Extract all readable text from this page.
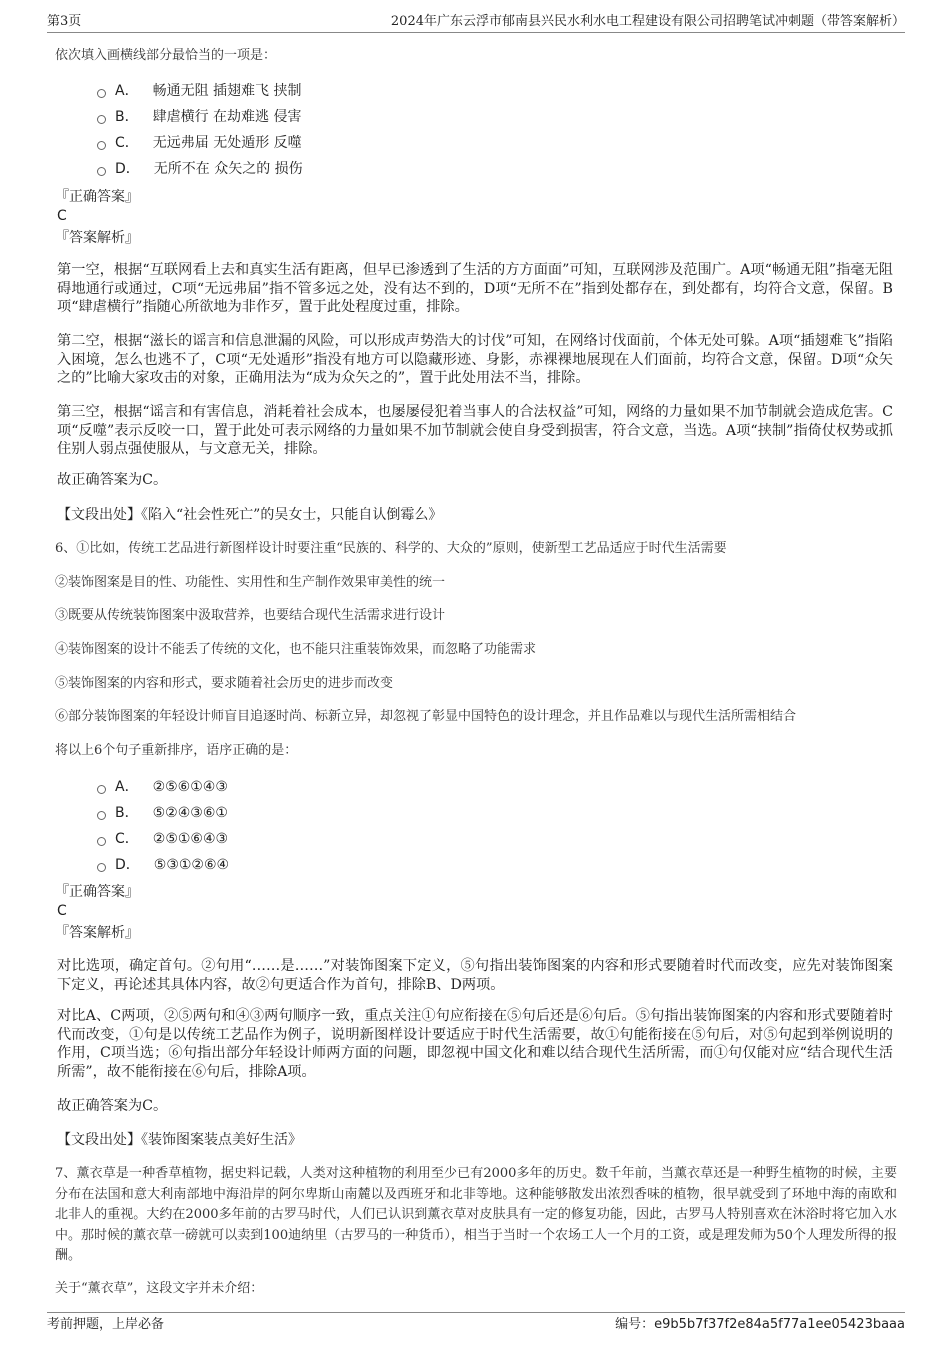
第3页	2024年广东云浮市郁南县兴民水利水电工程建设有限公司招聘笔试冲刺题（带答案解析）
依次填入画横线部分最恰当的一项是：
A． 畅通无阻 插翅难飞 挟制
B． 肆虐横行 在劫难逃 侵害
C． 无远弗届 无处遁形 反噬
D． 无所不在 众矢之的 损伤
『正确答案』
C
『答案解析』
第一空，根据“互联网看上去和真实生活有距离，但早已渗透到了生活的方方面面”可知，互联网涉及范围广。A项“畅通无阻”指毫无阻碍地通行或通过，C项“无远弗届”指不管多远之处，没有达不到的，D项“无所不在”指到处都存在，到处都有，均符合文意，保留。B项“肆虐横行”指随心所欲地为非作歹，置于此处程度过重，排除。
第二空，根据“滋长的谣言和信息泄漏的风险，可以形成声势浩大的讨伐”可知，在网络讨伐面前，个体无处可躲。A项“插翅难飞”指陷入困境，怎么也逃不了，C项“无处遁形”指没有地方可以隐藏形迹、身影，赤裸裸地展现在人们面前，均符合文意，保留。D项“众矢之的”比喻大家攻击的对象，正确用法为“成为众矢之的”，置于此处用法不当，排除。
第三空，根据“谣言和有害信息，消耗着社会成本，也屡屡侵犯着当事人的合法权益”可知，网络的力量如果不加节制就会造成危害。C项“反噬”表示反咬一口，置于此处可表示网络的力量如果不加节制就会使自身受到损害，符合文意，当选。A项“挟制”指倚仗权势或抓住别人弱点强使服从，与文意无关，排除。
故正确答案为C。
【文段出处】《陷入“社会性死亡”的吴女士，只能自认倒霉么》
6、①比如，传统工艺品进行新图样设计时要注重“民族的、科学的、大众的”原则，使新型工艺品适应于时代生活需要
②装饰图案是目的性、功能性、实用性和生产制作效果审美性的统一
③既要从传统装饰图案中汲取营养，也要结合现代生活需求进行设计
④装饰图案的设计不能丢了传统的文化，也不能只注重装饰效果，而忽略了功能需求
⑤装饰图案的内容和形式，要求随着社会历史的进步而改变
⑥部分装饰图案的年轻设计师盲目追逐时尚、标新立异，却忽视了彰显中国特色的设计理念，并且作品难以与现代生活所需相结合
将以上6个句子重新排序，语序正确的是：
A． ②⑤⑥①④③
B． ⑤②④③⑥①
C． ②⑤①⑥④③
D． ⑤③①②⑥④
『正确答案』
C
『答案解析』
对比选项，确定首句。②句用“……是……”对装饰图案下定义，⑤句指出装饰图案的内容和形式要随着时代而改变，应先对装饰图案下定义，再论述其具体内容，故②句更适合作为首句，排除B、D两项。
对比A、C两项，②⑤两句和④③两句顺序一致，重点关注①句应衔接在⑤句后还是⑥句后。⑤句指出装饰图案的内容和形式要随着时代而改变，①句是以传统工艺品作为例子，说明新图样设计要适应于时代生活需要，故①句能衔接在⑤句后，对⑤句起到举例说明的作用，C项当选；⑥句指出部分年轻设计师两方面的问题，即忽视中国文化和难以结合现代生活所需，而①句仅能对应“结合现代生活所需”，故不能衔接在⑥句后，排除A项。
故正确答案为C。
【文段出处】《装饰图案装点美好生活》
7、薰衣草是一种香草植物，据史料记载，人类对这种植物的利用至少已有2000多年的历史。数千年前，当薰衣草还是一种野生植物的时候，主要分布在法国和意大利南部地中海沿岸的阿尔卑斯山南麓以及西班牙和北非等地。这种能够散发出浓烈香味的植物，很早就受到了环地中海的南欧和北非人的重视。大约在2000多年前的古罗马时代，人们已认识到薰衣草对皮肤具有一定的修复功能，因此，古罗马人特别喜欢在沐浴时将它加入水中。那时候的薰衣草一磅就可以卖到100迪纳里（古罗马的一种货币），相当于当时一个农场工人一个月的工资，或是理发师为50个人理发所得的报酬。
关于“薰衣草”，这段文字并未介绍：
考前押题，上岸必备	编号：e9b5b7f37f2e84a5f77a1ee05423baaa
